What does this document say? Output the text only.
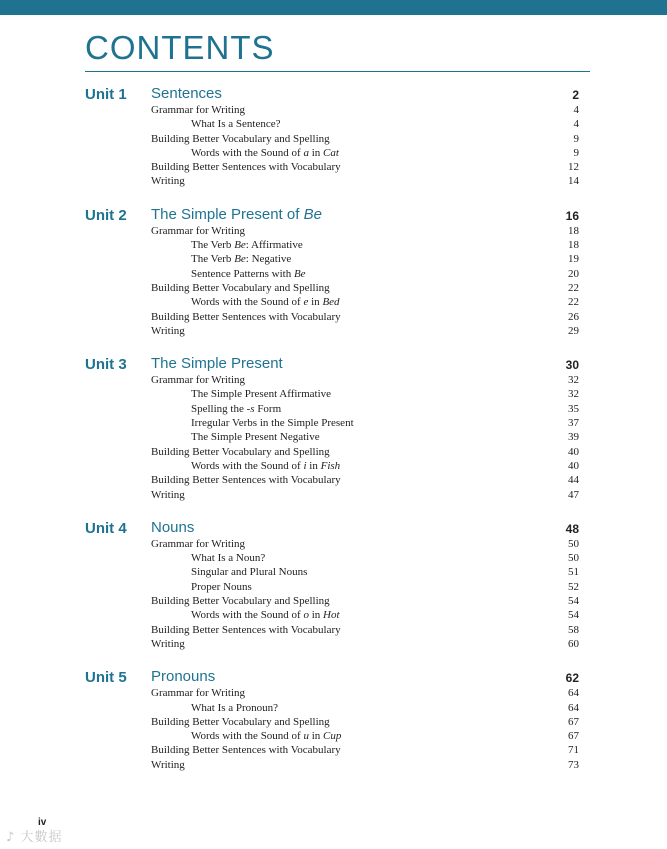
CONTENTS
Unit 1 Sentences	2
Grammar for Writing	4
What Is a Sentence?	4
Building Better Vocabulary and Spelling	9
Words with the Sound of a in Cat	9
Building Better Sentences with Vocabulary	12
Writing	14
Unit 2 The Simple Present of Be	16
Grammar for Writing	18
The Verb Be: Affirmative	18
The Verb Be: Negative	19
Sentence Patterns with Be	20
Building Better Vocabulary and Spelling	22
Words with the Sound of e in Bed	22
Building Better Sentences with Vocabulary	26
Writing	29
Unit 3 The Simple Present	30
Grammar for Writing	32
The Simple Present Affirmative	32
Spelling the -s Form	35
Irregular Verbs in the Simple Present	37
The Simple Present Negative	39
Building Better Vocabulary and Spelling	40
Words with the Sound of i in Fish	40
Building Better Sentences with Vocabulary	44
Writing	47
Unit 4 Nouns	48
Grammar for Writing	50
What Is a Noun?	50
Singular and Plural Nouns	51
Proper Nouns	52
Building Better Vocabulary and Spelling	54
Words with the Sound of o in Hot	54
Building Better Sentences with Vocabulary	58
Writing	60
Unit 5 Pronouns	62
Grammar for Writing	64
What Is a Pronoun?	64
Building Better Vocabulary and Spelling	67
Words with the Sound of u in Cup	67
Building Better Sentences with Vocabulary	71
Writing	73
iv
♪ 大數据
